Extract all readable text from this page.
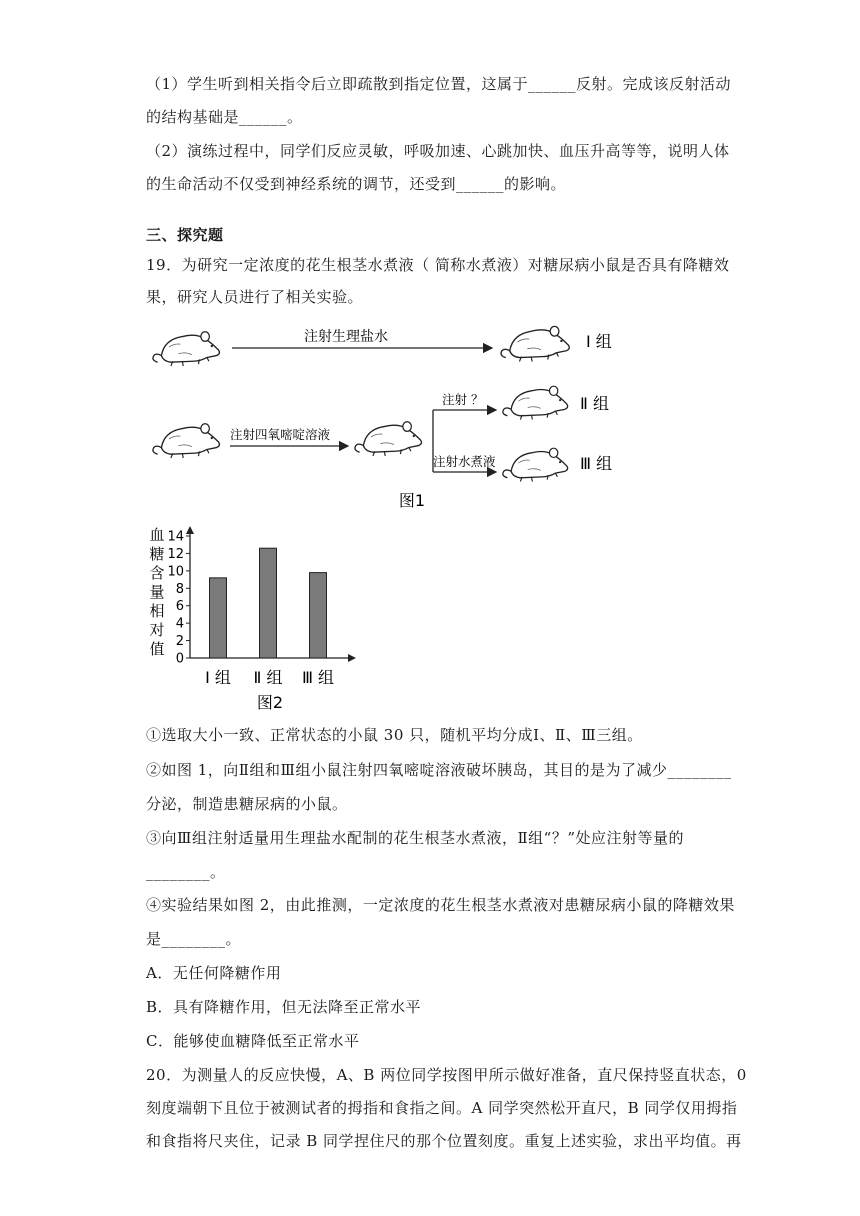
（1）学生听到相关指令后立即疏散到指定位置，这属于______反射。完成该反射活动
的结构基础是______。
（2）演练过程中，同学们反应灵敏，呼吸加速、心跳加快、血压升高等等，说明人体
的生命活动不仅受到神经系统的调节，还受到______的影响。
三、探究题
19．为研究一定浓度的花生根茎水煮液（ 简称水煮液）对糖尿病小鼠是否具有降糖效
果，研究人员进行了相关实验。
注射生理盐水	Ⅰ 组
注射四氧嘧啶溶液
注射 ？
注射水煮液
Ⅱ 组
Ⅲ 组
图1
血
糖
含
量
相
对
值
0
2
4
6
8
10
12
14
Ⅰ 组 Ⅱ 组 Ⅲ 组
图2
①选取大小一致、正常状态的小鼠 30 只，随机平均分成Ⅰ、Ⅱ、Ⅲ三组。
②如图 1，向Ⅱ组和Ⅲ组小鼠注射四氧嘧啶溶液破坏胰岛，其目的是为了减少________
分泌，制造患糖尿病的小鼠。
③向Ⅲ组注射适量用生理盐水配制的花生根茎水煮液，Ⅱ组“？”处应注射等量的
________。
④实验结果如图 2，由此推测，一定浓度的花生根茎水煮液对患糖尿病小鼠的降糖效果
是________。
A．无任何降糖作用
B．具有降糖作用，但无法降至正常水平
C．能够使血糖降低至正常水平
20．为测量人的反应快慢，A、B 两位同学按图甲所示做好准备，直尺保持竖直状态，0
刻度端朝下且位于被测试者的拇指和食指之间。A 同学突然松开直尺，B 同学仅用拇指
和食指将尺夹住，记录 B 同学捏住尺的那个位置刻度。重复上述实验，求出平均值。再
